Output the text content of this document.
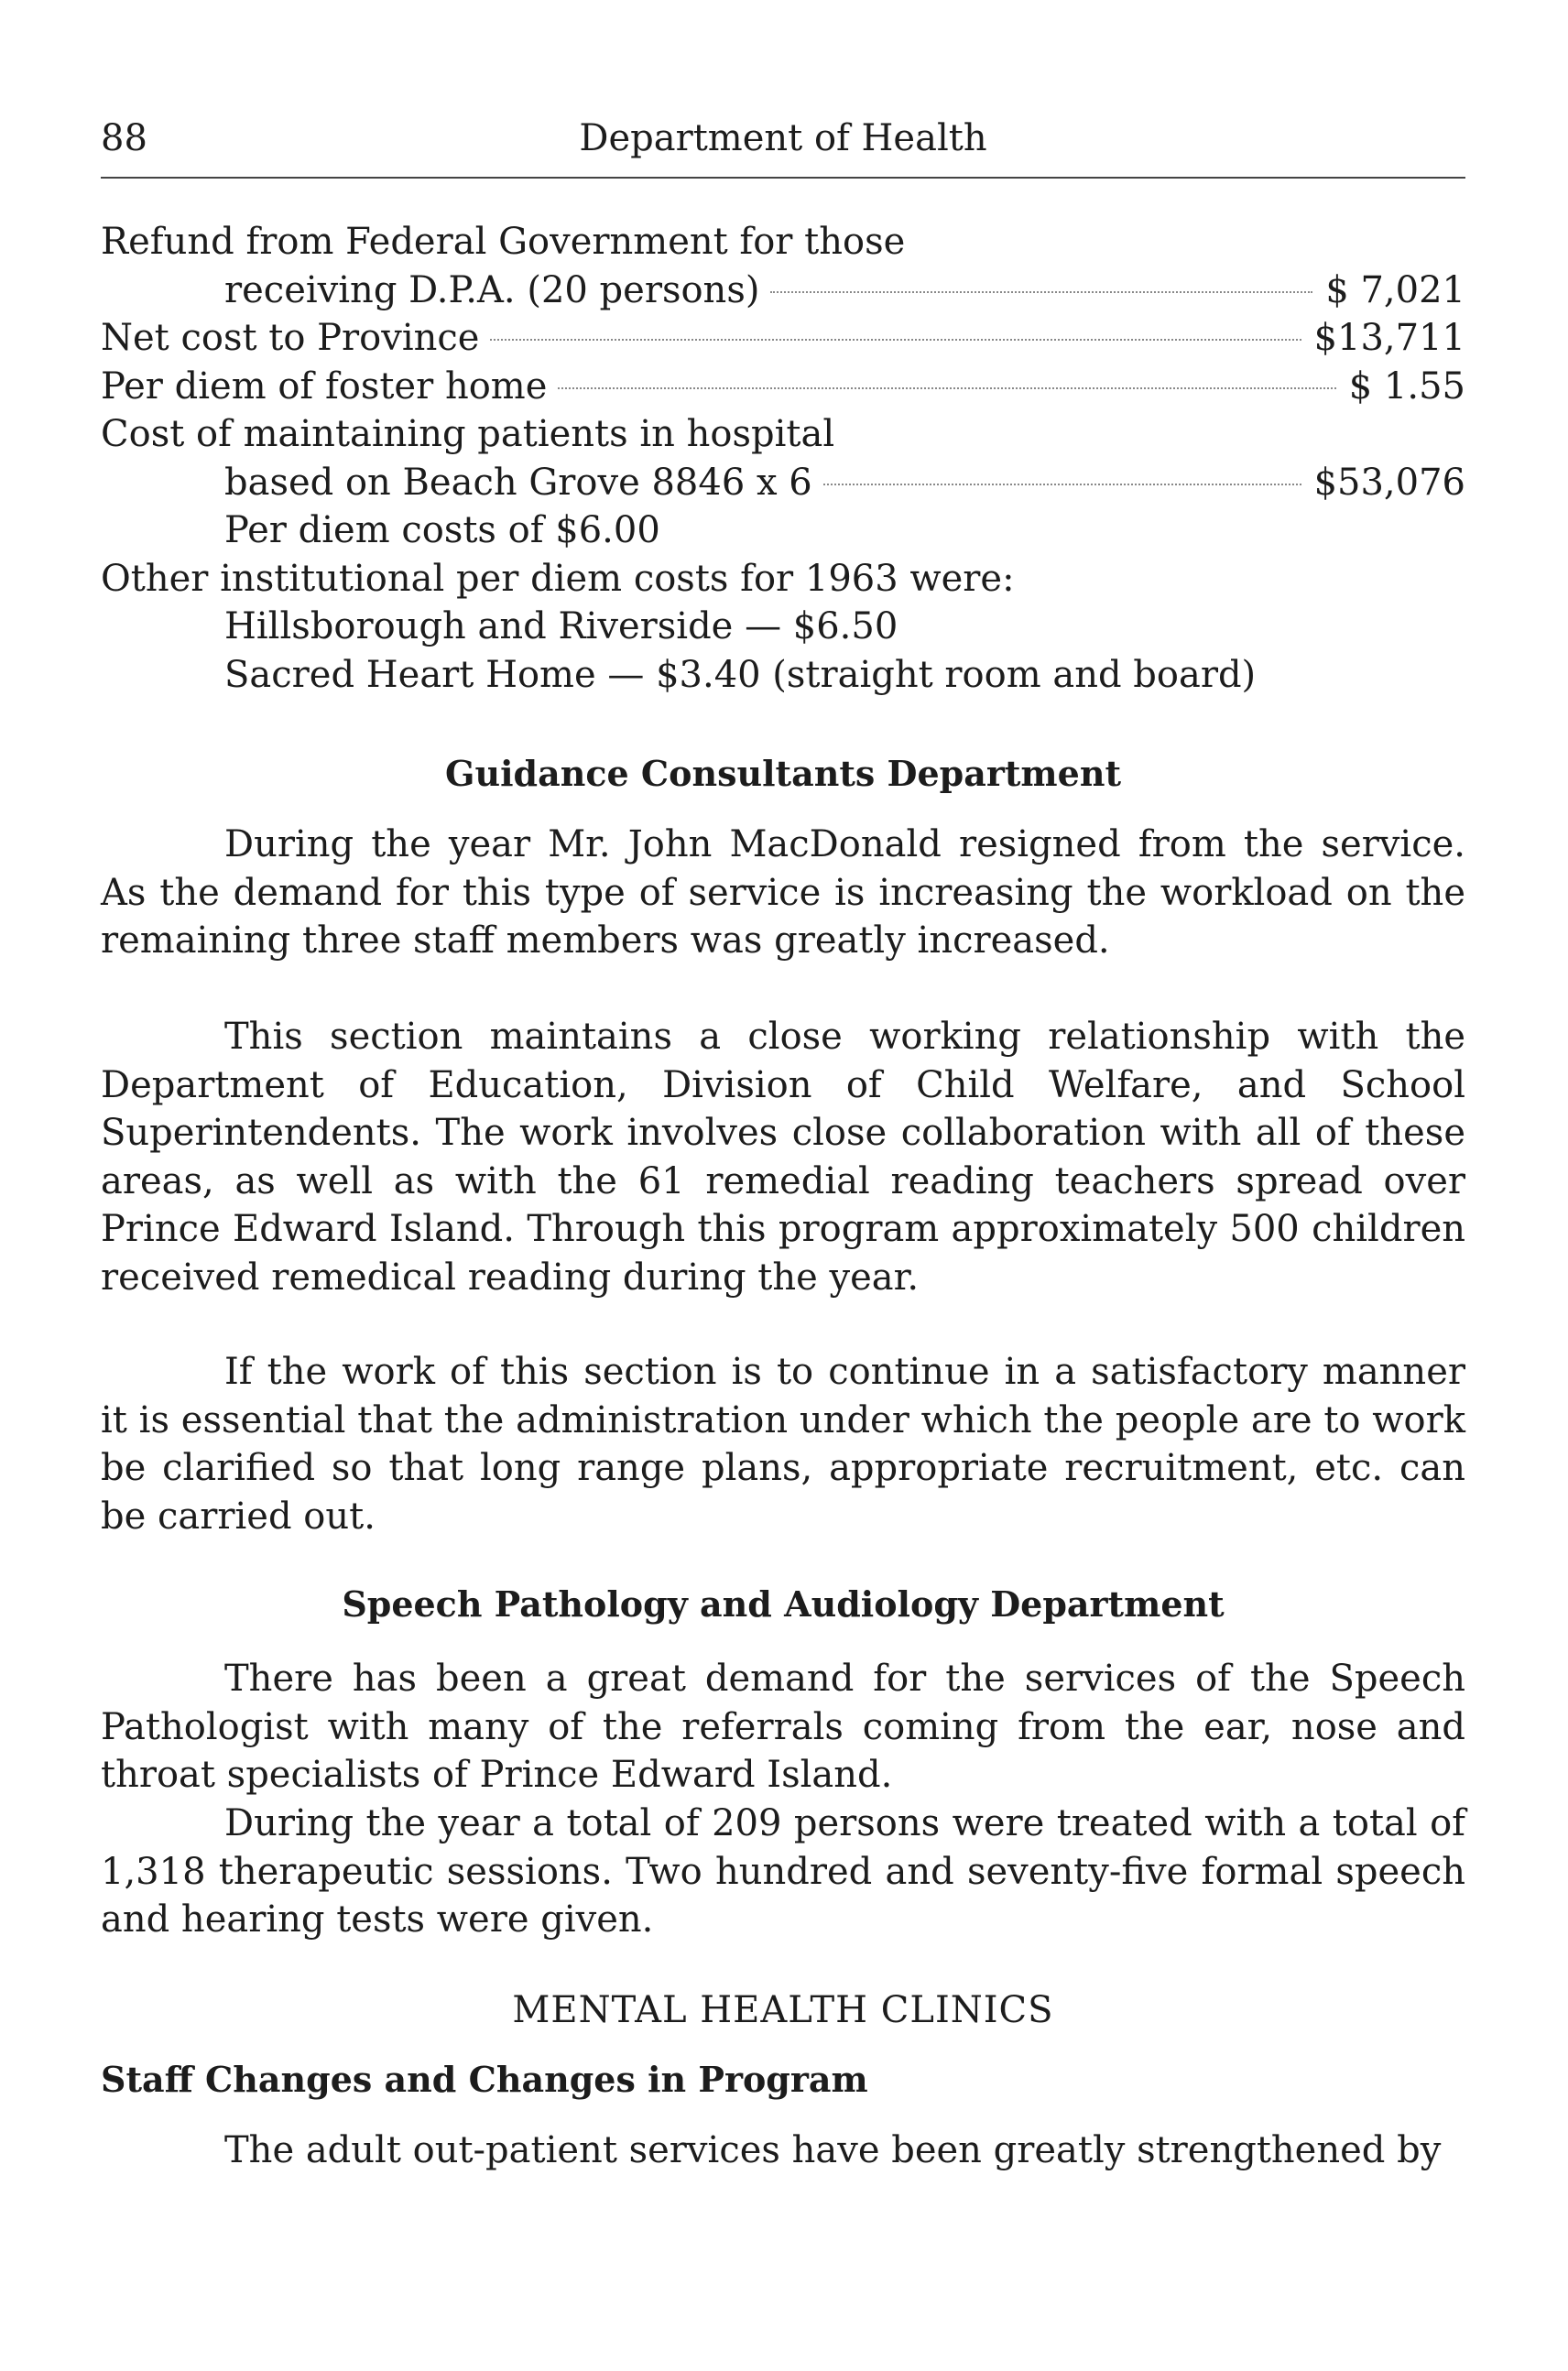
88	Department of Health
Refund from Federal Government for those
receiving D.P.A. (20 persons)	$ 7,021
Net cost to Province	$13,711
Per diem of foster home	$ 1.55
Cost of maintaining patients in hospital
based on Beach Grove 8846 x 6	$53,076
Per diem costs of $6.00
Other institutional per diem costs for 1963 were:
Hillsborough and Riverside — $6.50
Sacred Heart Home — $3.40 (straight room and board)
Guidance Consultants Department

During the year Mr. John MacDonald resigned from the service. As the demand for this type of service is increasing the workload on the remaining three staff members was greatly increased.

This section maintains a close working relationship with the Department of Education, Division of Child Welfare, and School Superintendents. The work involves close collaboration with all of these areas, as well as with the 61 remedial reading teachers spread over Prince Edward Island. Through this program approximately 500 children received remedical reading during the year.

If the work of this section is to continue in a satisfactory manner it is essential that the administration under which the people are to work be clarified so that long range plans, appropriate recruitment, etc. can be carried out.

Speech Pathology and Audiology Department

There has been a great demand for the services of the Speech Pathologist with many of the referrals coming from the ear, nose and throat specialists of Prince Edward Island.

During the year a total of 209 persons were treated with a total of 1,318 therapeutic sessions. Two hundred and seventy-five formal speech and hearing tests were given.

MENTAL HEALTH CLINICS
Staff Changes and Changes in Program

The adult out-patient services have been greatly strengthened by
